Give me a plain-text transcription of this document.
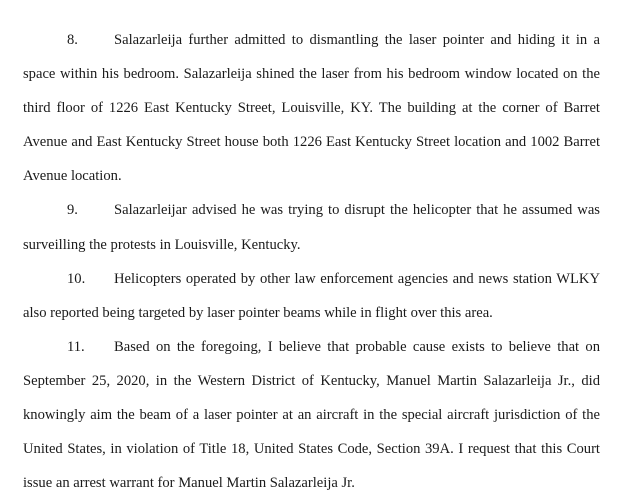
8. Salazarleija further admitted to dismantling the laser pointer and hiding it in a
space within his bedroom. Salazarleija shined the laser from his bedroom window located on the
third floor of 1226 East Kentucky Street, Louisville, KY. The building at the corner of Barret
Avenue and East Kentucky Street house both 1226 East Kentucky Street location and 1002 Barret
Avenue location.
9. Salazarleijar advised he was trying to disrupt the helicopter that he assumed was
surveilling the protests in Louisville, Kentucky.
10. Helicopters operated by other law enforcement agencies and news station WLKY
also reported being targeted by laser pointer beams while in flight over this area.
11. Based on the foregoing, I believe that probable cause exists to believe that on
September 25, 2020, in the Western District of Kentucky, Manuel Martin Salazarleija Jr., did
knowingly aim the beam of a laser pointer at an aircraft in the special aircraft jurisdiction of the
United States, in violation of Title 18, United States Code, Section 39A. I request that this Court
issue an arrest warrant for Manuel Martin Salazarleija Jr.
